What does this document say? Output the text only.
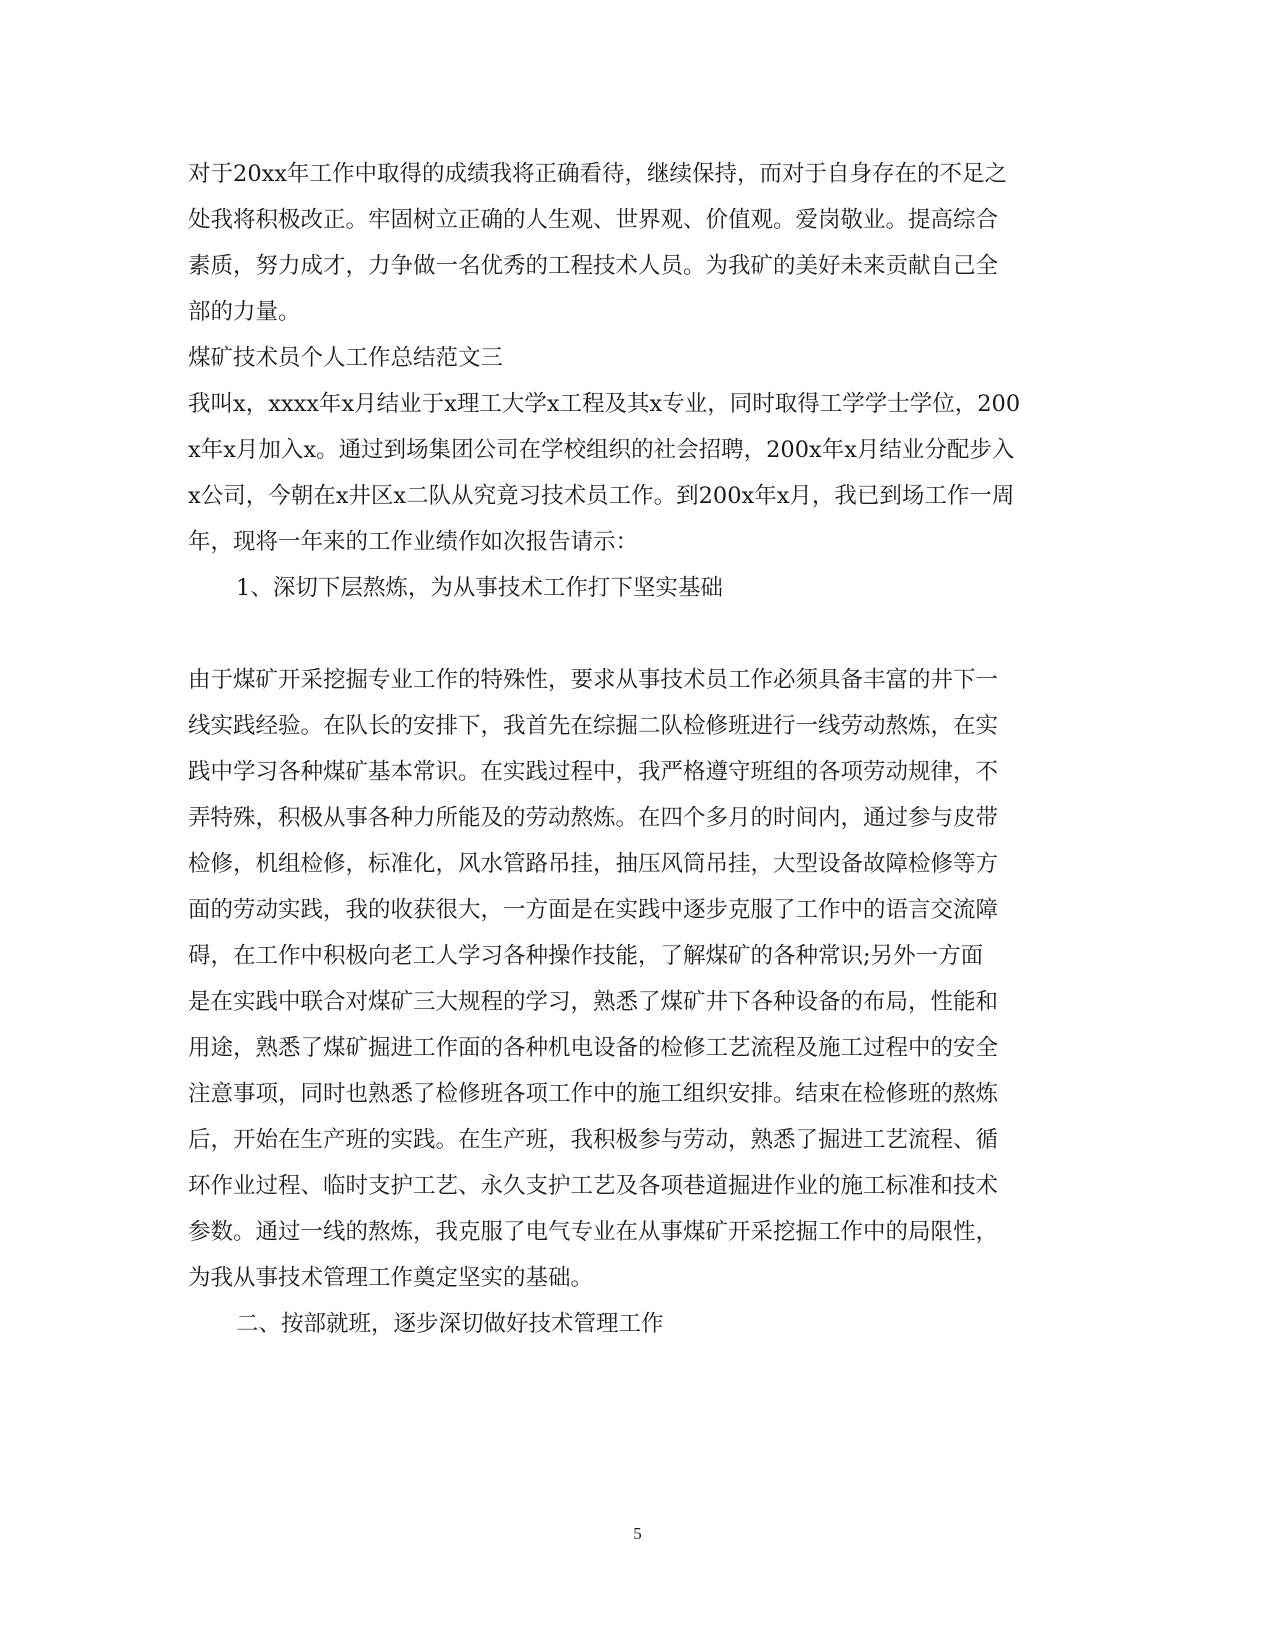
对于20xx年工作中取得的成绩我将正确看待，继续保持，而对于自身存在的不足之

处我将积极改正。牢固树立正确的人生观、世界观、价值观。爱岗敬业。提高综合

素质，努力成才，力争做一名优秀的工程技术人员。为我矿的美好未来贡献自己全

部的力量。

煤矿技术员个人工作总结范文三

我叫x，xxxx年x月结业于x理工大学x工程及其x专业，同时取得工学学士学位，200

x年x月加入x。通过到场集团公司在学校组织的社会招聘，200x年x月结业分配步入

x公司，今朝在x井区x二队从究竟习技术员工作。到200x年x月，我已到场工作一周

年，现将一年来的工作业绩作如次报告请示：

1、深切下层熬炼，为从事技术工作打下坚实基础

由于煤矿开采挖掘专业工作的特殊性，要求从事技术员工作必须具备丰富的井下一

线实践经验。在队长的安排下，我首先在综掘二队检修班进行一线劳动熬炼，在实

践中学习各种煤矿基本常识。在实践过程中，我严格遵守班组的各项劳动规律，不

弄特殊，积极从事各种力所能及的劳动熬炼。在四个多月的时间内，通过参与皮带

检修，机组检修，标准化，风水管路吊挂，抽压风筒吊挂，大型设备故障检修等方

面的劳动实践，我的收获很大，一方面是在实践中逐步克服了工作中的语言交流障

碍，在工作中积极向老工人学习各种操作技能，了解煤矿的各种常识;另外一方面

是在实践中联合对煤矿三大规程的学习，熟悉了煤矿井下各种设备的布局，性能和

用途，熟悉了煤矿掘进工作面的各种机电设备的检修工艺流程及施工过程中的安全

注意事项，同时也熟悉了检修班各项工作中的施工组织安排。结束在检修班的熬炼

后，开始在生产班的实践。在生产班，我积极参与劳动，熟悉了掘进工艺流程、循

环作业过程、临时支护工艺、永久支护工艺及各项巷道掘进作业的施工标准和技术

参数。通过一线的熬炼，我克服了电气专业在从事煤矿开采挖掘工作中的局限性，

为我从事技术管理工作奠定坚实的基础。

二、按部就班，逐步深切做好技术管理工作

5
